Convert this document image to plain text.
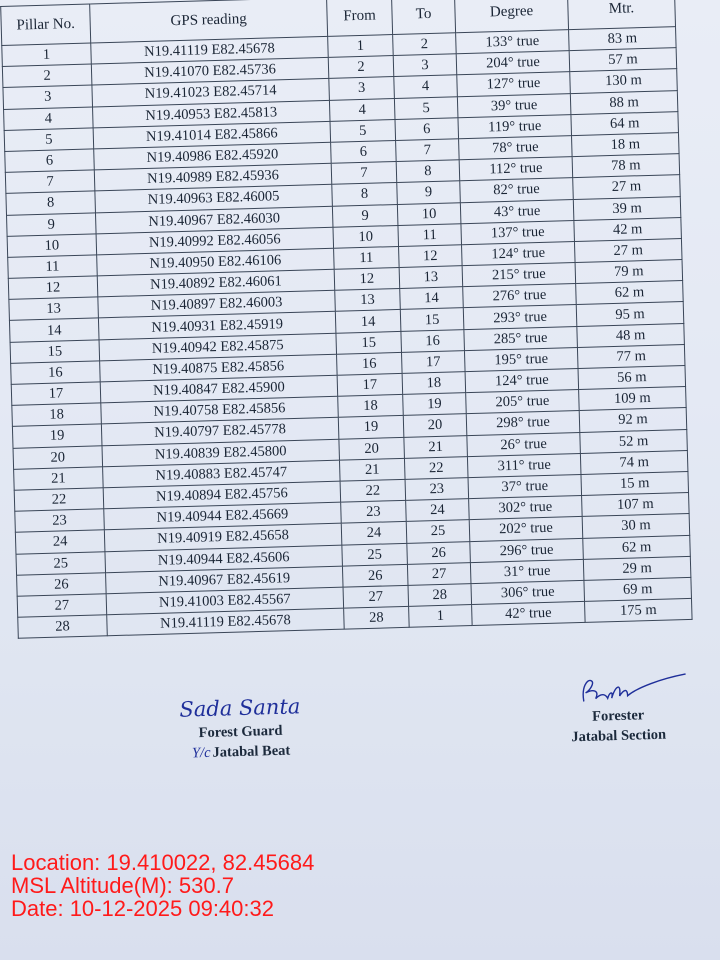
Pillar No.	GPS reading	From	To	Degree	Mtr.
1	N19.41119 E82.45678	1	2	133° true	83 m
2	N19.41070 E82.45736	2	3	204° true	57 m
3	N19.41023 E82.45714	3	4	127° true	130 m
4	N19.40953 E82.45813	4	5	39° true	88 m
5	N19.41014 E82.45866	5	6	119° true	64 m
6	N19.40986 E82.45920	6	7	78° true	18 m
7	N19.40989 E82.45936	7	8	112° true	78 m
8	N19.40963 E82.46005	8	9	82° true	27 m
9	N19.40967 E82.46030	9	10	43° true	39 m
10	N19.40992 E82.46056	10	11	137° true	42 m
11	N19.40950 E82.46106	11	12	124° true	27 m
12	N19.40892 E82.46061	12	13	215° true	79 m
13	N19.40897 E82.46003	13	14	276° true	62 m
14	N19.40931 E82.45919	14	15	293° true	95 m
15	N19.40942 E82.45875	15	16	285° true	48 m
16	N19.40875 E82.45856	16	17	195° true	77 m
17	N19.40847 E82.45900	17	18	124° true	56 m
18	N19.40758 E82.45856	18	19	205° true	109 m
19	N19.40797 E82.45778	19	20	298° true	92 m
20	N19.40839 E82.45800	20	21	26° true	52 m
21	N19.40883 E82.45747	21	22	311° true	74 m
22	N19.40894 E82.45756	22	23	37° true	15 m
23	N19.40944 E82.45669	23	24	302° true	107 m
24	N19.40919 E82.45658	24	25	202° true	30 m
25	N19.40944 E82.45606	25	26	296° true	62 m
26	N19.40967 E82.45619	26	27	31° true	29 m
27	N19.41003 E82.45567	27	28	306° true	69 m
28	N19.41119 E82.45678	28	1	42° true	175 m
Sada Santa
Forest Guard
Y/c Jatabal Beat
Forester
Jatabal Section
Location: 19.410022, 82.45684
MSL Altitude(M): 530.7
Date: 10-12-2025 09:40:32
